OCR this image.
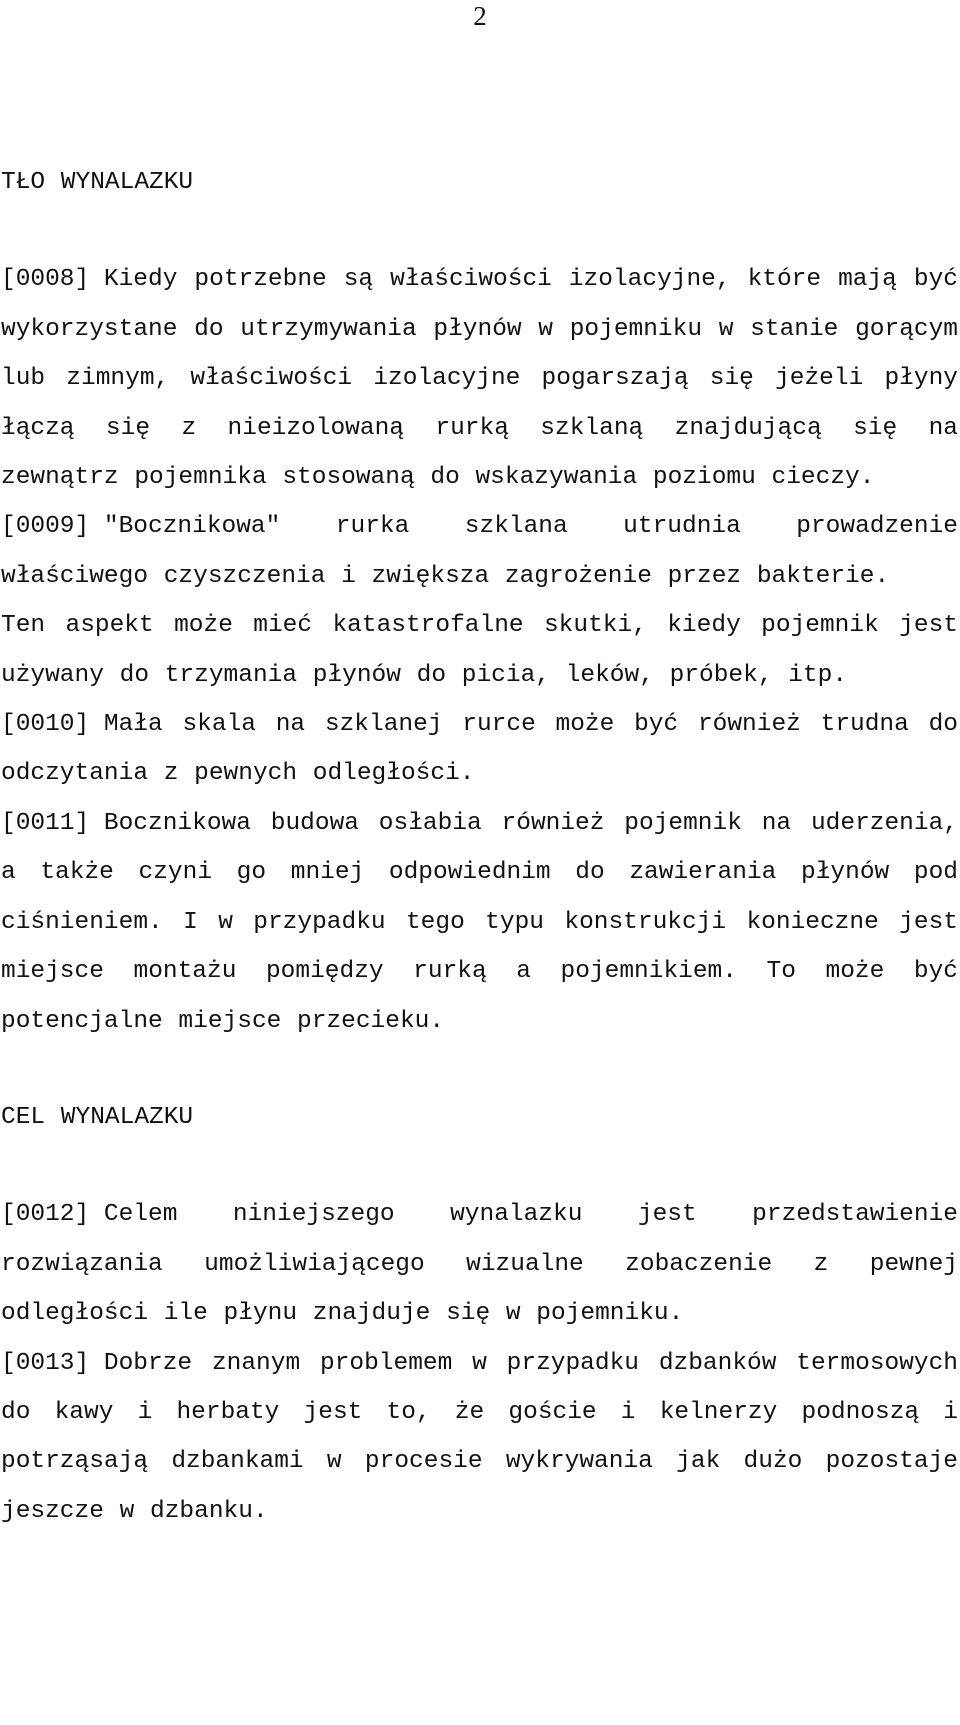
2
TŁO WYNALAZKU

[0008] Kiedy potrzebne są właściwości izolacyjne, które mają być wykorzystane do utrzymywania płynów w pojemniku w stanie gorącym lub zimnym, właściwości izolacyjne pogarszają się jeżeli płyny łączą się z nieizolowaną rurką szklaną znajdującą się na zewnątrz pojemnika stosowaną do wskazywania poziomu cieczy.

[0009] "Bocznikowa" rurka szklana utrudnia prowadzenie właściwego czyszczenia i zwiększa zagrożenie przez bakterie.

Ten aspekt może mieć katastrofalne skutki, kiedy pojemnik jest używany do trzymania płynów do picia, leków, próbek, itp.

[0010] Mała skala na szklanej rurce może być również trudna do odczytania z pewnych odległości.

[0011] Bocznikowa budowa osłabia również pojemnik na uderzenia, a także czyni go mniej odpowiednim do zawierania płynów pod ciśnieniem. I w przypadku tego typu konstrukcji konieczne jest miejsce montażu pomiędzy rurką a pojemnikiem. To może być potencjalne miejsce przecieku.

CEL WYNALAZKU

[0012] Celem niniejszego wynalazku jest przedstawienie rozwiązania umożliwiającego wizualne zobaczenie z pewnej odległości ile płynu znajduje się w pojemniku.

[0013] Dobrze znanym problemem w przypadku dzbanków termosowych do kawy i herbaty jest to, że goście i kelnerzy podnoszą i potrząsają dzbankami w procesie wykrywania jak dużo pozostaje jeszcze w dzbanku.
